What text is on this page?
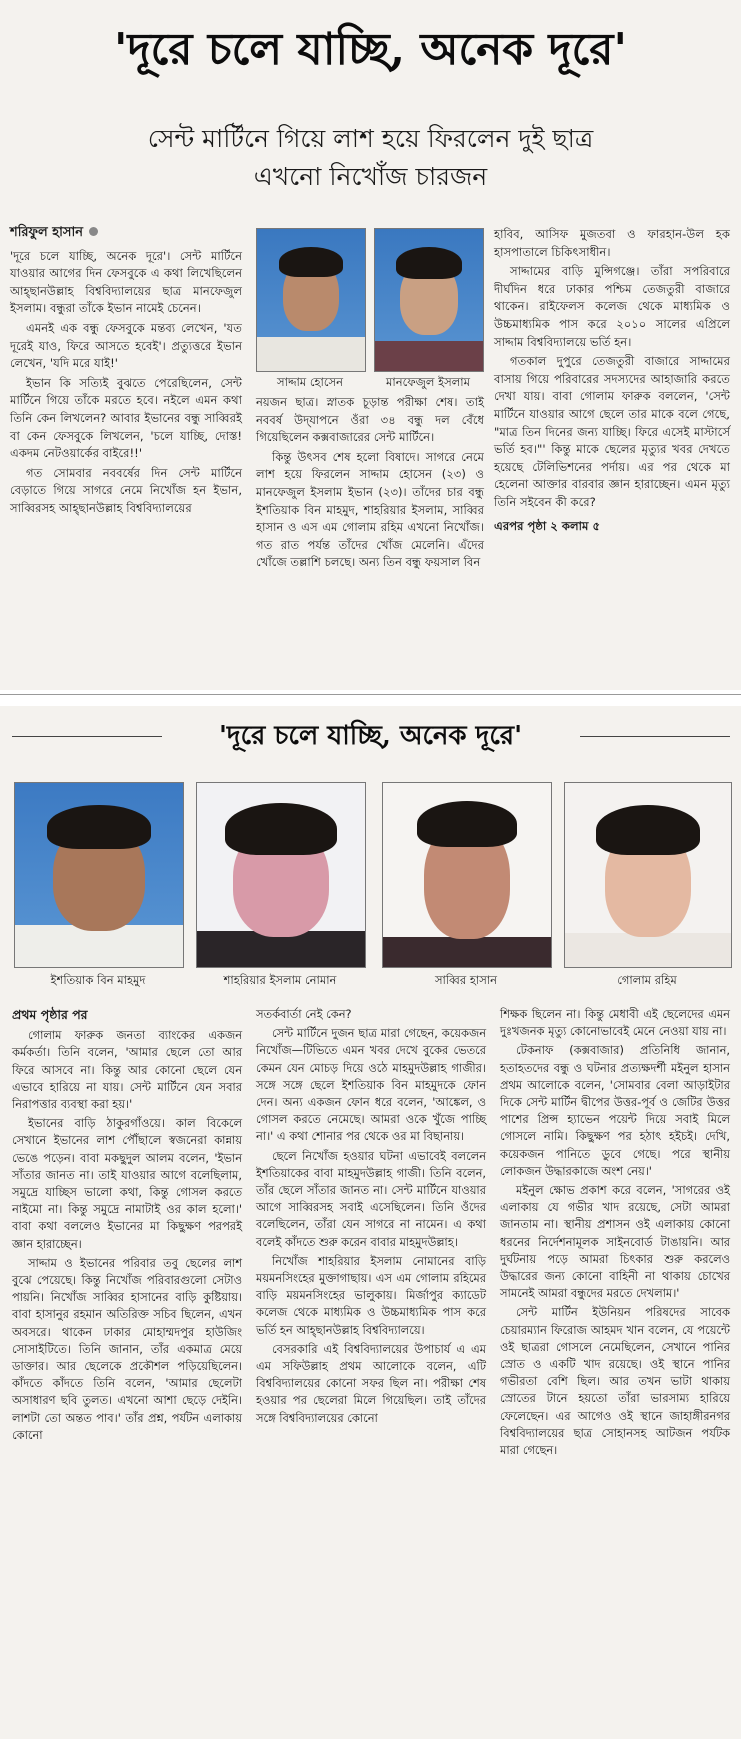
'দূরে চলে যাচ্ছি, অনেক দূরে'
সেন্ট মার্টিনে গিয়ে লাশ হয়ে ফিরলেন দুই ছাত্র
এখনো নিখোঁজ চারজন
শরিফুল হাসান

'দূরে চলে যাচ্ছি, অনেক দূরে'। সেন্ট মার্টিনে যাওয়ার আগের দিন ফেসবুকে এ কথা লিখেছিলেন আহ্ছানউল্লাহ বিশ্ববিদ্যালয়ের ছাত্র মানফেজুল ইসলাম। বন্ধুরা তাঁকে ইভান নামেই চেনেন।

এমনই এক বন্ধু ফেসবুকে মন্তব্য লেখেন, 'যত দূরেই যাও, ফিরে আসতে হবেই'। প্রত্যুত্তরে ইভান লেখেন, 'যদি মরে যাই!'

ইভান কি সত্যিই বুঝতে পেরেছিলেন, সেন্ট মার্টিনে গিয়ে তাঁকে মরতে হবে। নইলে এমন কথা তিনি কেন লিখলেন? আবার ইভানের বন্ধু সাব্বিরই বা কেন ফেসবুকে লিখলেন, 'চলে যাচ্ছি, দোস্ত! একদম নেটওয়ার্কের বাইরে!!'

গত সোমবার নববর্ষের দিন সেন্ট মার্টিনে বেড়াতে গিয়ে সাগরে নেমে নিখোঁজ হন ইভান, সাব্বিরসহ আহ্ছানউল্লাহ বিশ্ববিদ্যালয়ের

সাদ্দাম হোসেন	মানফেজুল ইসলাম

নয়জন ছাত্র। স্নাতক চূড়ান্ত পরীক্ষা শেষ। তাই নববর্ষ উদ্‌যাপনে ওঁরা ৩৪ বন্ধু দল বেঁধে গিয়েছিলেন কক্সবাজারের সেন্ট মার্টিনে।

কিন্তু উৎসব শেষ হলো বিষাদে। সাগরে নেমে লাশ হয়ে ফিরলেন সাদ্দাম হোসেন (২৩) ও মানফেজুল ইসলাম ইভান (২৩)। তাঁদের চার বন্ধু ইশতিয়াক বিন মাহমুদ, শাহরিয়ার ইসলাম, সাব্বির হাসান ও এস এম গোলাম রহিম এখনো নিখোঁজ। গত রাত পর্যন্ত তাঁদের খোঁজ মেলেনি। এঁদের খোঁজে তল্লাশি চলছে। অন্য তিন বন্ধু ফয়সাল বিন

হাবিব, আসিফ মুজতবা ও ফারহান-উল হক হাসপাতালে চিকিৎসাধীন।

সাদ্দামের বাড়ি মুন্সিগঞ্জে। তাঁরা সপরিবারে দীর্ঘদিন ধরে ঢাকার পশ্চিম তেজতুরী বাজারে থাকেন। রাইফেলস কলেজ থেকে মাধ্যমিক ও উচ্চমাধ্যমিক পাস করে ২০১০ সালের এপ্রিলে সাদ্দাম বিশ্ববিদ্যালয়ে ভর্তি হন।

গতকাল দুপুরে তেজতুরী বাজারে সাদ্দামের বাসায় গিয়ে পরিবারের সদস্যদের আহাজারি করতে দেখা যায়। বাবা গোলাম ফারুক বললেন, 'সেন্ট মার্টিনে যাওয়ার আগে ছেলে তার মাকে বলে গেছে, "মাত্র তিন দিনের জন্য যাচ্ছি। ফিরে এসেই মাস্টার্সে ভর্তি হব।"' কিন্তু মাকে ছেলের মৃত্যুর খবর দেখতে হয়েছে টেলিভিশনের পর্দায়। এর পর থেকে মা হেলেনা আক্তার বারবার জ্ঞান হারাচ্ছেন। এমন মৃত্যু তিনি সইবেন কী করে?

এরপর পৃষ্ঠা ২ কলাম ৫

'দূরে চলে যাচ্ছি, অনেক দূরে'
ইশতিয়াক বিন মাহমুদ	শাহরিয়ার ইসলাম নোমান	সাব্বির হাসান	গোলাম রহিম
প্রথম পৃষ্ঠার পর

গোলাম ফারুক জনতা ব্যাংকের একজন কর্মকর্তা। তিনি বলেন, 'আমার ছেলে তো আর ফিরে আসবে না। কিন্তু আর কোনো ছেলে যেন এভাবে হারিয়ে না যায়। সেন্ট মার্টিনে যেন সবার নিরাপত্তার ব্যবস্থা করা হয়।'

ইভানের বাড়ি ঠাকুরগাঁওয়ে। কাল বিকেলে সেখানে ইভানের লাশ পৌঁছালে স্বজনেরা কান্নায় ভেঙে পড়েন। বাবা মকছুদুল আলম বলেন, 'ইভান সাঁতার জানত না। তাই যাওয়ার আগে বলেছিলাম, সমুদ্রে যাচ্ছিস ভালো কথা, কিন্তু গোসল করতে নাইমো না। কিন্তু সমুদ্রে নামাটাই ওর কাল হলো।' বাবা কথা বললেও ইভানের মা কিছুক্ষণ পরপরই জ্ঞান হারাচ্ছেন।

সাদ্দাম ও ইভানের পরিবার তবু ছেলের লাশ বুঝে পেয়েছে। কিন্তু নিখোঁজ পরিবারগুলো সেটাও পায়নি। নিখোঁজ সাব্বির হাসানের বাড়ি কুষ্টিয়ায়। বাবা হাসানুর রহমান অতিরিক্ত সচিব ছিলেন, এখন অবসরে। থাকেন ঢাকার মোহাম্মদপুর হাউজিং সোসাইটিতে। তিনি জানান, তাঁর একমাত্র মেয়ে ডাক্তার। আর ছেলেকে প্রকৌশল পড়িয়েছিলেন। কাঁদতে কাঁদতে তিনি বলেন, 'আমার ছেলেটা অসাধারণ ছবি তুলত। এখনো আশা ছেড়ে দেইনি। লাশটা তো অন্তত পাব।' তাঁর প্রশ্ন, পর্যটন এলাকায় কোনো

সতর্কবার্তা নেই কেন?

সেন্ট মার্টিনে দুজন ছাত্র মারা গেছেন, কয়েকজন নিখোঁজ—টিভিতে এমন খবর দেখে বুকের ভেতরে কেমন যেন মোচড় দিয়ে ওঠে মাহমুদউল্লাহ গাজীর। সঙ্গে সঙ্গে ছেলে ইশতিয়াক বিন মাহমুদকে ফোন দেন। অন্য একজন ফোন ধরে বলেন, 'আঙ্কেল, ও গোসল করতে নেমেছে। আমরা ওকে খুঁজে পাচ্ছি না।' এ কথা শোনার পর থেকে ওর মা বিছানায়।

ছেলে নিখোঁজ হওয়ার ঘটনা এভাবেই বললেন ইশতিয়াকের বাবা মাহমুদউল্লাহ গাজী। তিনি বলেন, তাঁর ছেলে সাঁতার জানত না। সেন্ট মার্টিনে যাওয়ার আগে সাব্বিরসহ সবাই এসেছিলেন। তিনি ওঁদের বলেছিলেন, তাঁরা যেন সাগরে না নামেন। এ কথা বলেই কাঁদতে শুরু করেন বাবার মাহমুদউল্লাহ।

নিখোঁজ শাহরিয়ার ইসলাম নোমানের বাড়ি ময়মনসিংহের মুক্তাগাছায়। এস এম গোলাম রহিমের বাড়ি ময়মনসিংহের ভালুকায়। মির্জাপুর ক্যাডেট কলেজ থেকে মাধ্যমিক ও উচ্চমাধ্যমিক পাস করে ভর্তি হন আহ্ছানউল্লাহ বিশ্ববিদ্যালয়ে।

বেসরকারি এই বিশ্ববিদ্যালয়ের উপাচার্য এ এম এম সফিউল্লাহ প্রথম আলোকে বলেন, এটি বিশ্ববিদ্যালয়ের কোনো সফর ছিল না। পরীক্ষা শেষ হওয়ার পর ছেলেরা মিলে গিয়েছিল। তাই তাঁদের সঙ্গে বিশ্ববিদ্যালয়ের কোনো

শিক্ষক ছিলেন না। কিন্তু মেধাবী এই ছেলেদের এমন দুঃখজনক মৃত্যু কোনোভাবেই মেনে নেওয়া যায় না।

টেকনাফ (কক্সবাজার) প্রতিনিধি জানান, হতাহতদের বন্ধু ও ঘটনার প্রত্যক্ষদর্শী মইনুল হাসান প্রথম আলোকে বলেন, 'সোমবার বেলা আড়াইটার দিকে সেন্ট মার্টিন দ্বীপের উত্তর-পূর্ব ও জেটির উত্তর পাশের প্রিন্স হ্যাভেন পয়েন্ট দিয়ে সবাই মিলে গোসলে নামি। কিছুক্ষণ পর হঠাৎ হইচই। দেখি, কয়েকজন পানিতে ডুবে গেছে। পরে স্থানীয় লোকজন উদ্ধারকাজে অংশ নেয়।'

মইনুল ক্ষোভ প্রকাশ করে বলেন, 'সাগরের ওই এলাকায় যে গভীর খাদ রয়েছে, সেটা আমরা জানতাম না। স্থানীয় প্রশাসন ওই এলাকায় কোনো ধরনের নির্দেশনামূলক সাইনবোর্ড টাঙায়নি। আর দুর্ঘটনায় পড়ে আমরা চিৎকার শুরু করলেও উদ্ধারের জন্য কোনো বাহিনী না থাকায় চোখের সামনেই আমরা বন্ধুদের মরতে দেখলাম।'

সেন্ট মার্টিন ইউনিয়ন পরিষদের সাবেক চেয়ারম্যান ফিরোজ আহমদ খান বলেন, যে পয়েন্টে ওই ছাত্ররা গোসলে নেমেছিলেন, সেখানে পানির স্রোত ও একটি খাদ রয়েছে। ওই স্থানে পানির গভীরতা বেশি ছিল। আর তখন ভাটা থাকায় স্রোতের টানে হয়তো তাঁরা ভারসাম্য হারিয়ে ফেলেছেন। এর আগেও ওই স্থানে জাহাঙ্গীরনগর বিশ্ববিদ্যালয়ের ছাত্র সোহানসহ আটজন পর্যটক মারা গেছেন।
